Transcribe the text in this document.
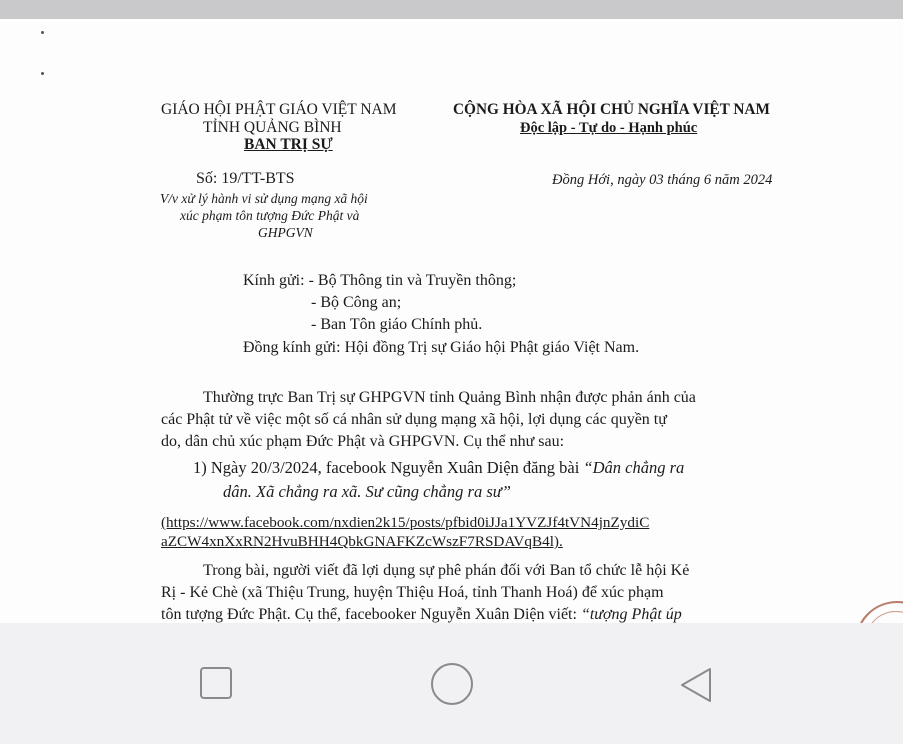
GIÁO HỘI PHẬT GIÁO VIỆT NAM
TỈNH QUẢNG BÌNH
BAN TRỊ SỰ
CỘNG HÒA XÃ HỘI CHỦ NGHĨA VIỆT NAM
Độc lập - Tự do - Hạnh phúc
Số: 19/TT-BTS	Đồng Hới, ngày 03 tháng 6 năm 2024
V/v xử lý hành vi sử dụng mạng xã hội
xúc phạm tôn tượng Đức Phật và
GHPGVN
Kính gửi: - Bộ Thông tin và Truyền thông;
- Bộ Công an;
- Ban Tôn giáo Chính phủ.
Đồng kính gửi: Hội đồng Trị sự Giáo hội Phật giáo Việt Nam.
Thường trực Ban Trị sự GHPGVN tỉnh Quảng Bình nhận được phản ánh của
các Phật tử về việc một số cá nhân sử dụng mạng xã hội, lợi dụng các quyền tự
do, dân chủ xúc phạm Đức Phật và GHPGVN. Cụ thể như sau:
1) Ngày 20/3/2024, facebook Nguyễn Xuân Diện đăng bài “Dân chẳng ra
dân. Xã chẳng ra xã. Sư cũng chẳng ra sư”
(https://www.facebook.com/nxdien2k15/posts/pfbid0iJJa1YVZJf4tVN4jnZydiC
aZCW4xnXxRN2HvuBHH4QbkGNAFKZcWszF7RSDAVqB4l).
Trong bài, người viết đã lợi dụng sự phê phán đối với Ban tổ chức lễ hội Kẻ
Rị - Kẻ Chè (xã Thiệu Trung, huyện Thiệu Hoá, tỉnh Thanh Hoá) để xúc phạm
tôn tượng Đức Phật. Cụ thể, facebooker Nguyễn Xuân Diện viết: “tượng Phật úp
